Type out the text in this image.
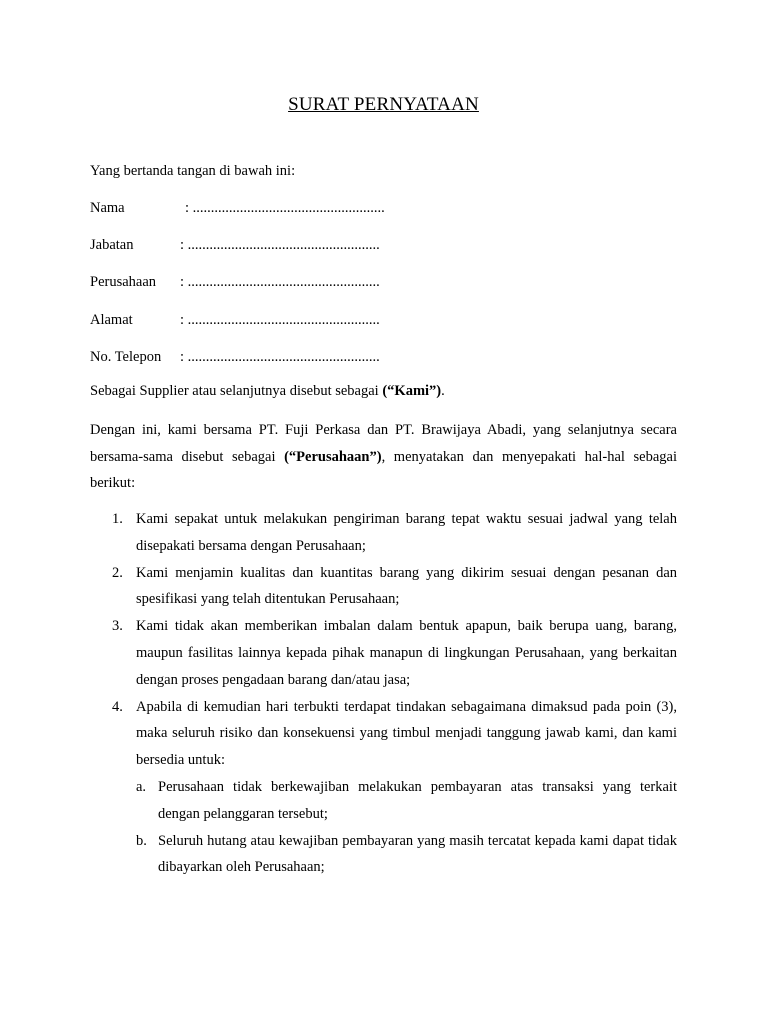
SURAT PERNYATAAN
Yang bertanda tangan di bawah ini:
Nama	: .....................................................
Jabatan	: .....................................................
Perusahaan : .....................................................
Alamat	: .....................................................
No. Telepon : .....................................................
Sebagai Supplier atau selanjutnya disebut sebagai (“Kami”).
Dengan ini, kami bersama PT. Fuji Perkasa dan PT. Brawijaya Abadi, yang selanjutnya secara bersama-sama disebut sebagai (“Perusahaan”), menyatakan dan menyepakati hal-hal sebagai berikut:
1. Kami sepakat untuk melakukan pengiriman barang tepat waktu sesuai jadwal yang telah disepakati bersama dengan Perusahaan;
2. Kami menjamin kualitas dan kuantitas barang yang dikirim sesuai dengan pesanan dan spesifikasi yang telah ditentukan Perusahaan;
3. Kami tidak akan memberikan imbalan dalam bentuk apapun, baik berupa uang, barang, maupun fasilitas lainnya kepada pihak manapun di lingkungan Perusahaan, yang berkaitan dengan proses pengadaan barang dan/atau jasa;
4. Apabila di kemudian hari terbukti terdapat tindakan sebagaimana dimaksud pada poin (3), maka seluruh risiko dan konsekuensi yang timbul menjadi tanggung jawab kami, dan kami bersedia untuk:
a. Perusahaan tidak berkewajiban melakukan pembayaran atas transaksi yang terkait dengan pelanggaran tersebut;
b. Seluruh hutang atau kewajiban pembayaran yang masih tercatat kepada kami dapat tidak dibayarkan oleh Perusahaan;
